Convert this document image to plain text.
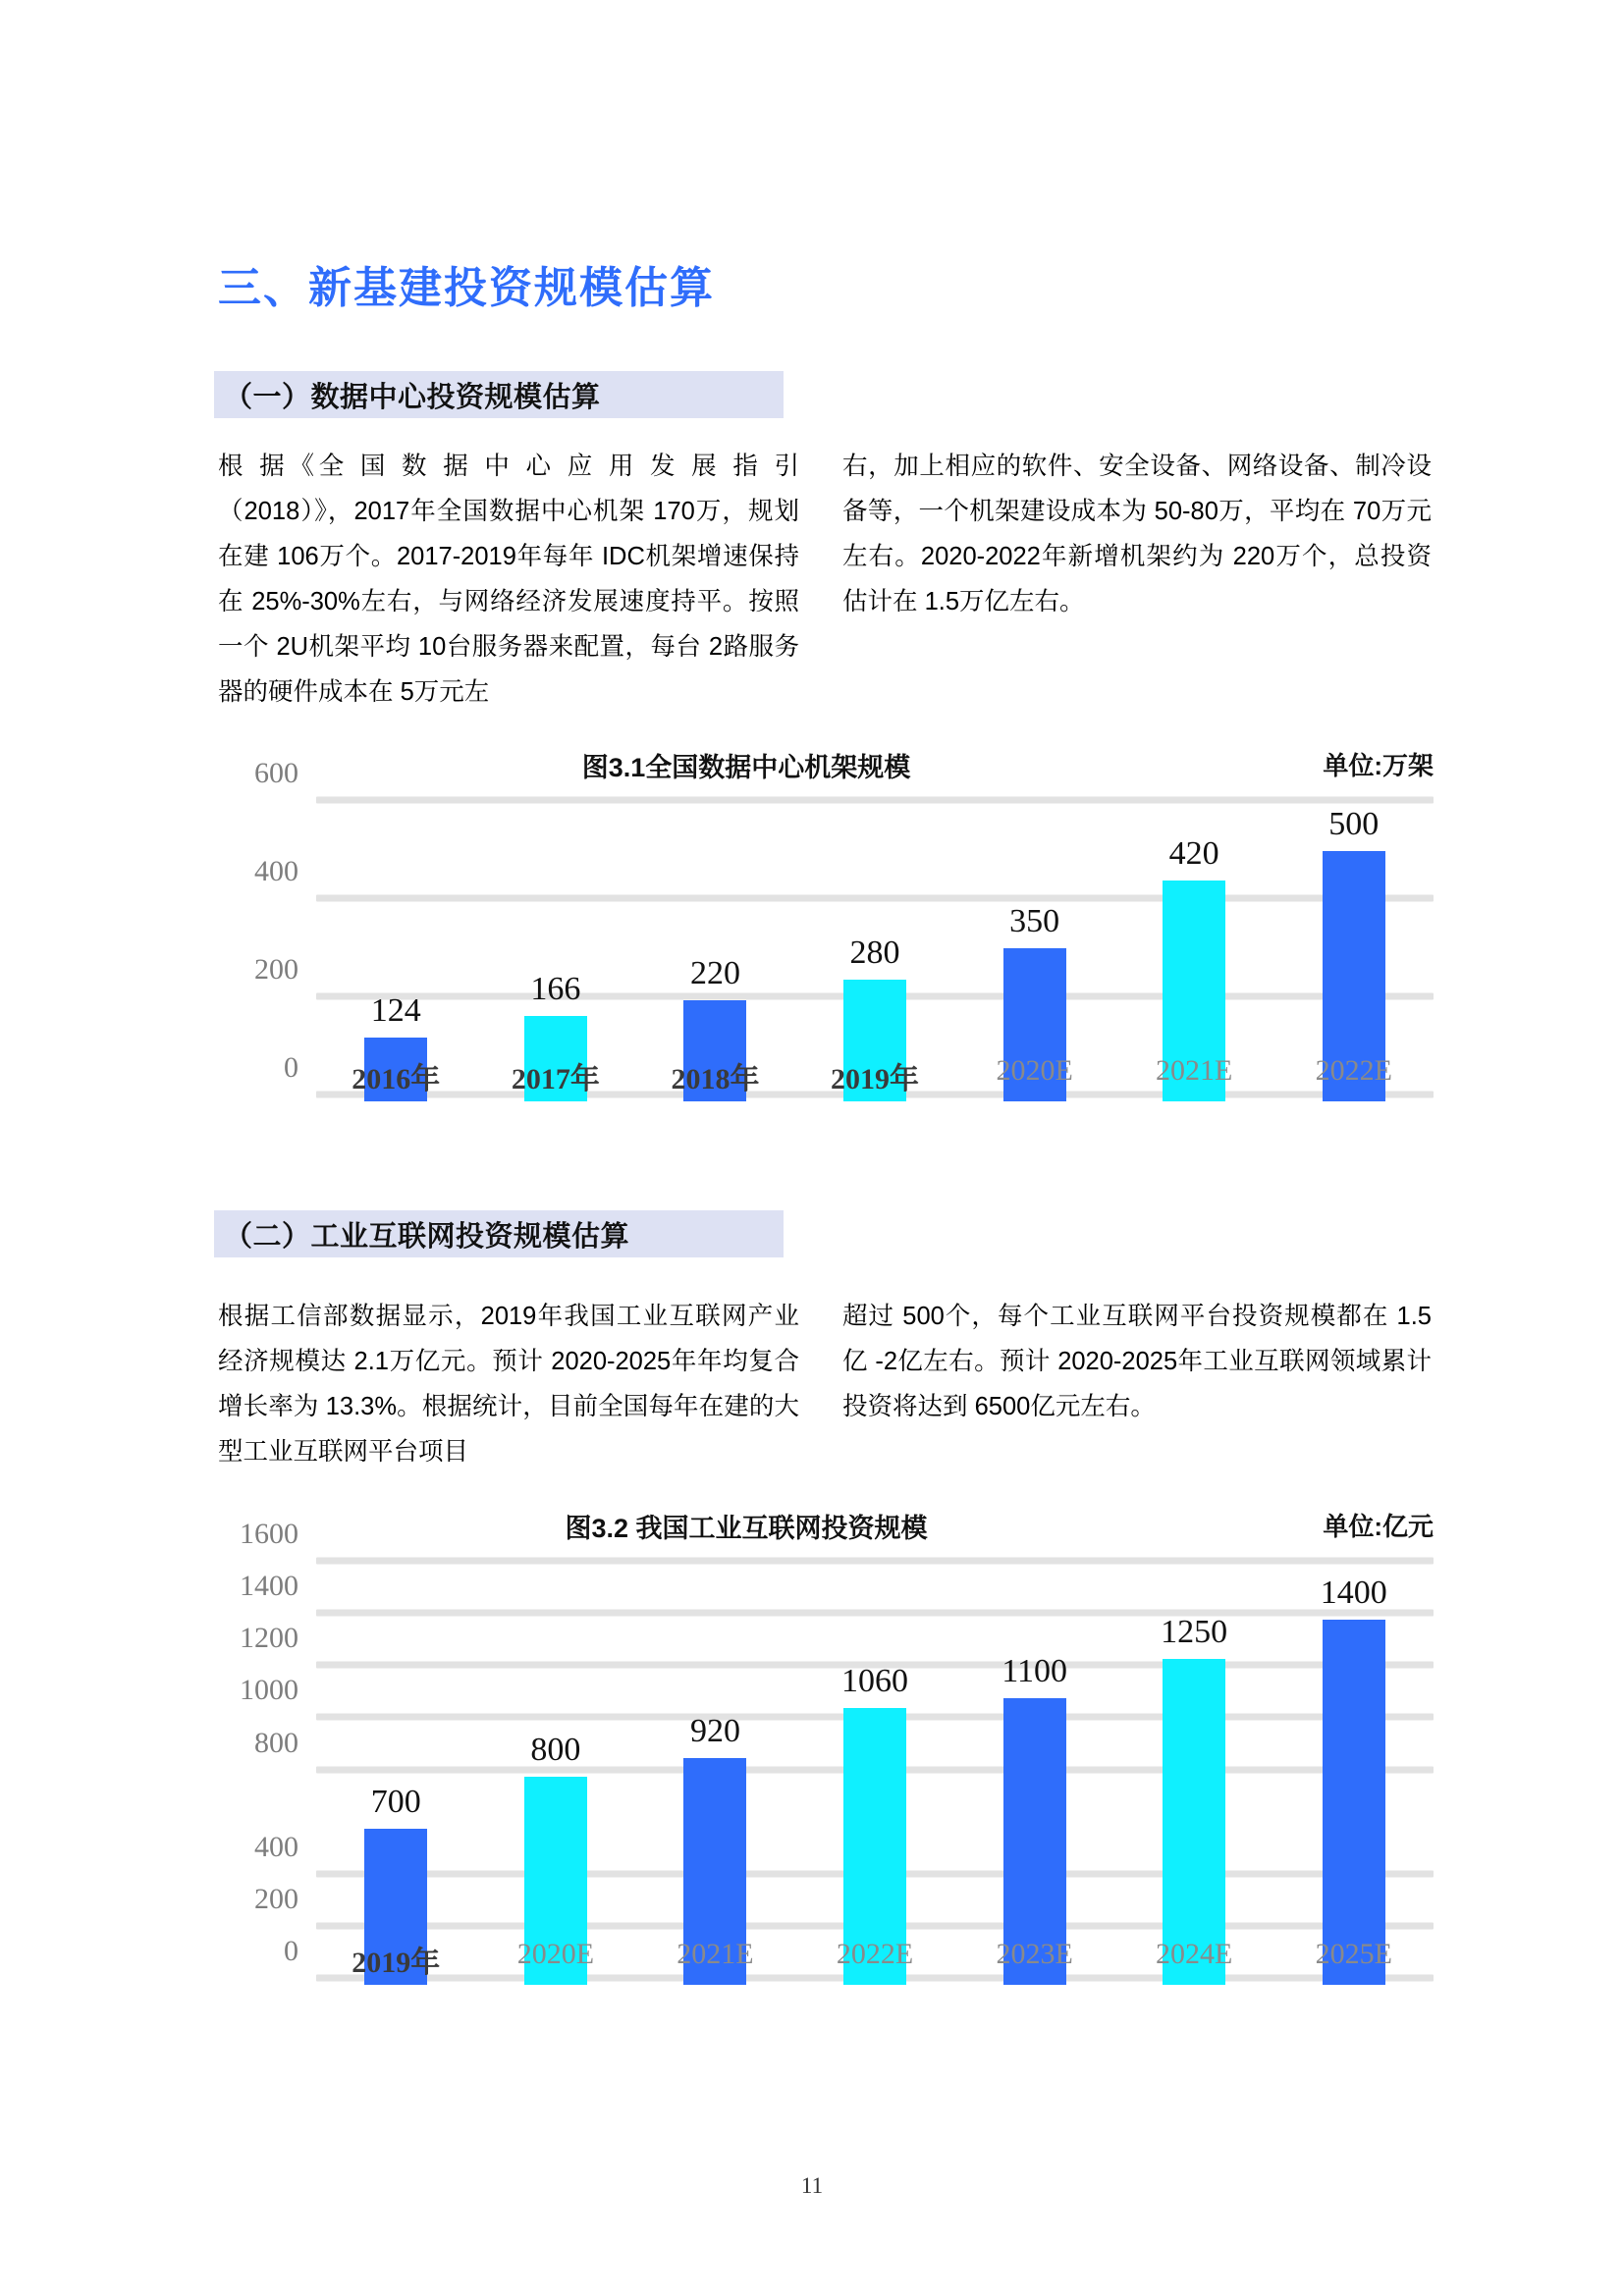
三、新基建投资规模估算
（一）数据中心投资规模估算

根 据《全 国 数 据 中 心 应 用 发 展 指 引（2018）》，2017年全国数据中心机架 170万，规划在建 106万个。2017-2019年每年 IDC机架增速保持在 25%-30%左右，与网络经济发展速度持平。按照一个 2U机架平均 10台服务器来配置，每台 2路服务器的硬件成本在 5万元左

右，加上相应的软件、安全设备、网络设备、制冷设备等，一个机架建设成本为 50-80万，平均在 70万元左右。2020-2022年新增机架约为 220万个，总投资估计在 1.5万亿左右。

图3.1全国数据中心机架规模	单位:万架
0
200
400
600
124
166	220
280
350
420
500
2016年	2017年	2018年	2019年	2020E	2021E	2022E
（二）工业互联网投资规模估算

根据工信部数据显示，2019年我国工业互联网产业经济规模达 2.1万亿元。预计 2020-2025年年均复合增长率为 13.3%。根据统计，目前全国每年在建的大型工业互联网平台项目

超过 500个，每个工业互联网平台投资规模都在 1.5亿 -2亿左右。预计 2020-2025年工业互联网领域累计投资将达到 6500亿元左右。

图3.2 我国工业互联网投资规模	单位:亿元
0
200
400
800
1000
1200
1400
1600
700
800
920
1060	1100
1250
1400
2019年	2020E	2021E	2022E	2023E	2024E	2025E
11
